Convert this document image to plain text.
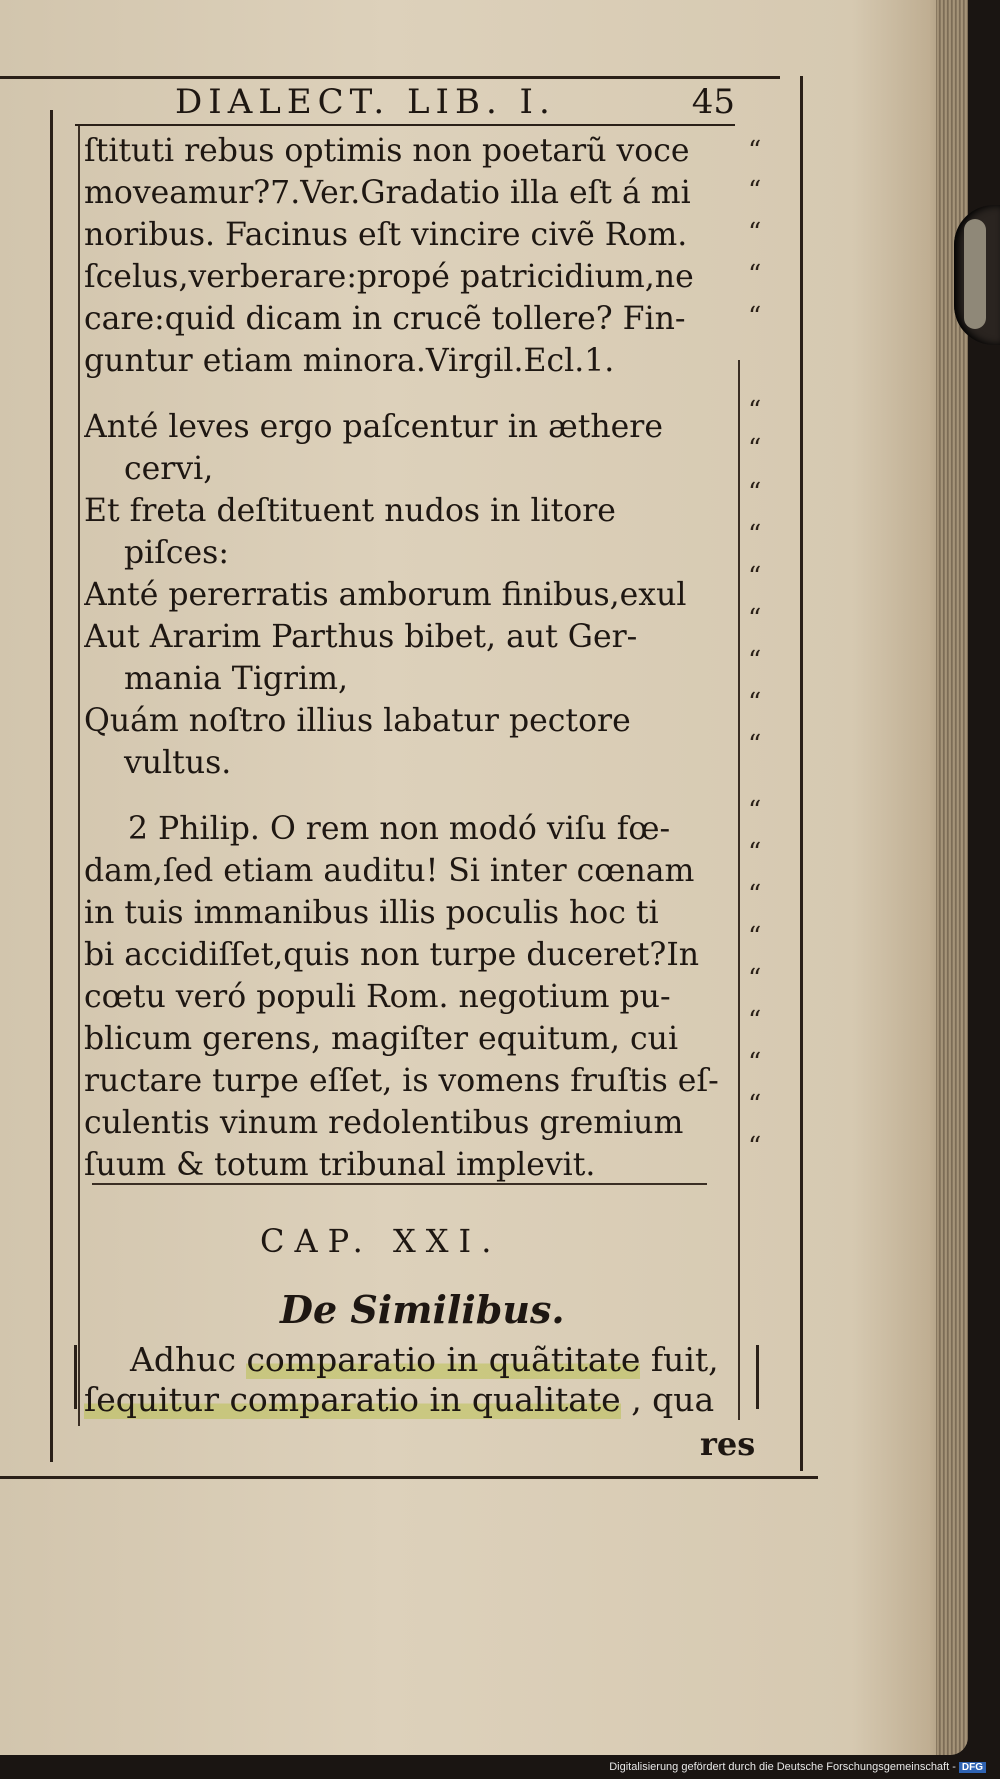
DIALECT. LIB. I.	45
ſtituti rebus optimis non poetarũ voce
moveamur?7.Ver.Gradatio illa eſt á mi
noribus. Facinus eſt vincire civẽ Rom.
ſcelus,verberare:propé patricidium,ne
care:quid dicam in crucẽ tollere? Fin-
guntur etiam minora.Virgil.Ecl.1.
Anté leves ergo paſcentur in æthere
cervi,
Et freta deſtituent nudos in litore
piſces:
Anté pererratis amborum finibus,exul
Aut Ararim Parthus bibet, aut Ger-
mania Tigrim,
Quám noſtro illius labatur pectore
vultus.
2 Philip. O rem non modó viſu fœ-
dam,ſed etiam auditu! Si inter cœnam
in tuis immanibus illis poculis hoc ti
bi accidiſſet,quis non turpe duceret?In
cœtu veró populi Rom. negotium pu-
blicum gerens, magiſter equitum, cui
ructare turpe eſſet, is vomens fruſtis eſ-
culentis vinum redolentibus gremium
ſuum & totum tribunal implevit.
“
“
“
“
“
“
“
“
“
“
“
“
“
“
“
“
“
“
“
“
“
“
“
CAP. XXI.
De Similibus.
Adhuc comparatio in quãtitate fuit,
ſequitur comparatio in qualitate , qua
res
Digitalisierung gefördert durch die Deutsche Forschungsgemeinschaft - DFG
